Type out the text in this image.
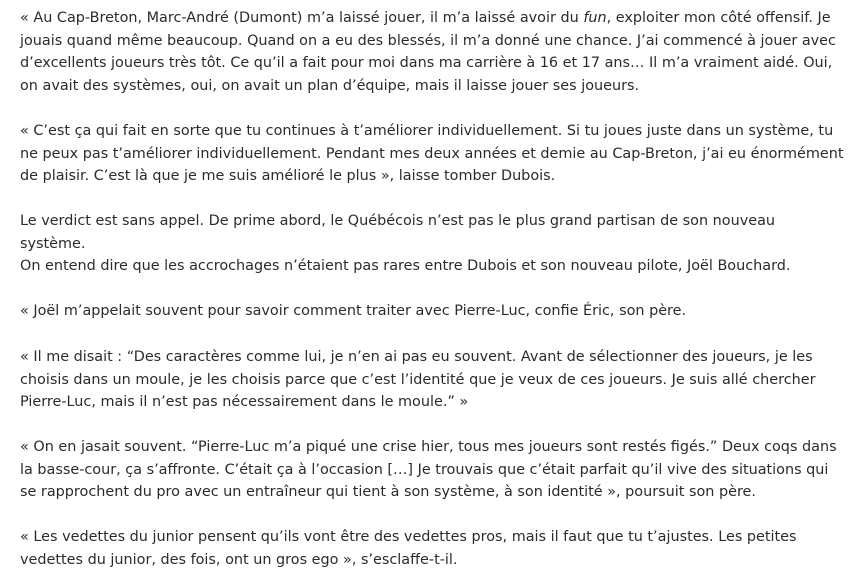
« Au Cap-Breton, Marc-André (Dumont) m’a laissé jouer, il m’a laissé avoir du fun, exploiter mon côté offensif. Je jouais quand même beaucoup. Quand on a eu des blessés, il m’a donné une chance. J’ai commencé à jouer avec d’excellents joueurs très tôt. Ce qu’il a fait pour moi dans ma carrière à 16 et 17 ans… Il m’a vraiment aidé. Oui, on avait des systèmes, oui, on avait un plan d’équipe, mais il laisse jouer ses joueurs.

« C’est ça qui fait en sorte que tu continues à t’améliorer individuellement. Si tu joues juste dans un système, tu ne peux pas t’améliorer individuellement. Pendant mes deux années et demie au Cap-Breton, j’ai eu énormément de plaisir. C’est là que je me suis amélioré le plus », laisse tomber Dubois.

Le verdict est sans appel. De prime abord, le Québécois n’est pas le plus grand partisan de son nouveau système.

On entend dire que les accrochages n’étaient pas rares entre Dubois et son nouveau pilote, Joël Bouchard.

« Joël m’appelait souvent pour savoir comment traiter avec Pierre-Luc, confie Éric, son père.

« Il me disait : “Des caractères comme lui, je n’en ai pas eu souvent. Avant de sélectionner des joueurs, je les choisis dans un moule, je les choisis parce que c’est l’identité que je veux de ces joueurs. Je suis allé chercher Pierre-Luc, mais il n’est pas nécessairement dans le moule.” »

« On en jasait souvent. “Pierre-Luc m’a piqué une crise hier, tous mes joueurs sont restés figés.” Deux coqs dans la basse-cour, ça s’affronte. C’était ça à l’occasion […] Je trouvais que c’était parfait qu’il vive des situations qui se rapprochent du pro avec un entraîneur qui tient à son système, à son identité », poursuit son père.

« Les vedettes du junior pensent qu’ils vont être des vedettes pros, mais il faut que tu t’ajustes. Les petites vedettes du junior, des fois, ont un gros ego », s’esclaffe-t-il.
